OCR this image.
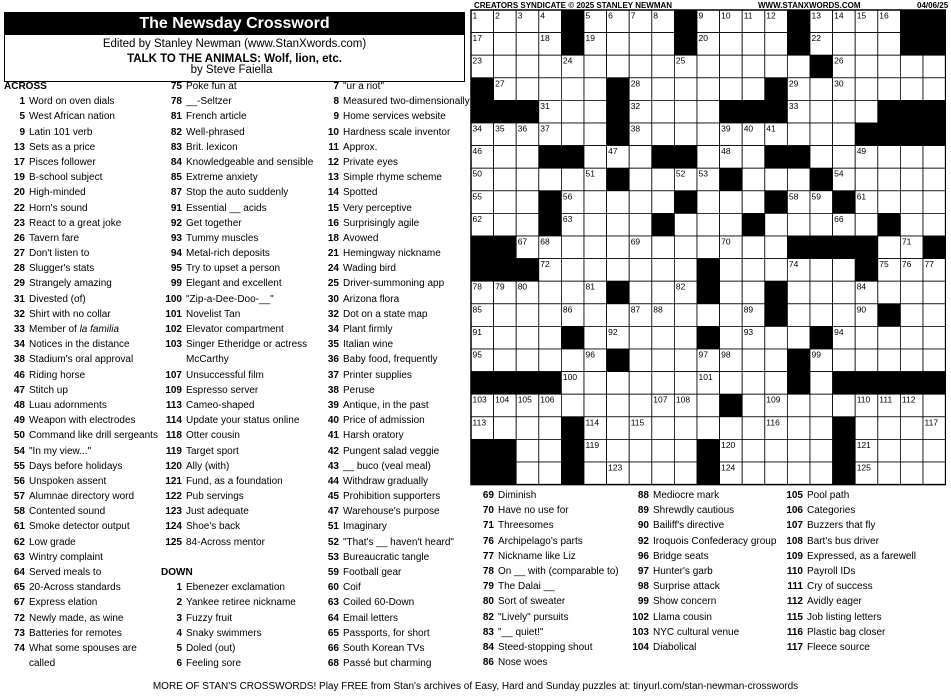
CREATORS SYNDICATE © 2025 STANLEY NEWMAN	WWW.STANXWORDS.COM	04/06/25
The Newsday Crossword
Edited by Stanley Newman (www.StanXwords.com)
TALK TO THE ANIMALS: Wolf, lion, etc.
by Steve Faiella
ACROSS
1 Word on oven dials
5 West African nation
9 Latin 101 verb
13 Sets as a price
17 Pisces follower
19 B-school subject
20 High-minded
22 Horn's sound
23 React to a great joke
26 Tavern fare
27 Don't listen to
28 Slugger's stats
29 Strangely amazing
31 Divested (of)
32 Shirt with no collar
33 Member of la familia
34 Notices in the distance
38 Stadium's oral approval
46 Riding horse
47 Stitch up
48 Luau adornments
49 Weapon with electrodes
50 Command like drill sergeants
54 "In my view..."
55 Days before holidays
56 Unspoken assent
57 Alumnae directory word
58 Contented sound
61 Smoke detector output
62 Low grade
63 Wintry complaint
64 Served meals to
65 20-Across standards
67 Express elation
72 Newly made, as wine
73 Batteries for remotes
74 What some spouses are
called
75 Poke fun at
78 __-Seltzer
81 French article
82 Well-phrased
83 Brit. lexicon
84 Knowledgeable and sensible
85 Extreme anxiety
87 Stop the auto suddenly
91 Essential __ acids
92 Get together
93 Tummy muscles
94 Metal-rich deposits
95 Try to upset a person
99 Elegant and excellent
100 "Zip-a-Dee-Doo-__"
101 Novelist Tan
102 Elevator compartment
103 Singer Etheridge or actress
McCarthy
107 Unsuccessful film
109 Espresso server
113 Cameo-shaped
114 Update your status online
118 Otter cousin
119 Target sport
120 Ally (with)
121 Fund, as a foundation
122 Pub servings
123 Just adequate
124 Shoe's back
125 84-Across mentor
DOWN
1 Ebenezer exclamation
2 Yankee retiree nickname
3 Fuzzy fruit
4 Snaky swimmers
5 Doled (out)
6 Feeling sore
7 "ur a riot"
8 Measured two-dimensionally
9 Home services website
10 Hardness scale inventor
11 Approx.
12 Private eyes
13 Simple rhyme scheme
14 Spotted
15 Very perceptive
16 Surprisingly agile
18 Avowed
21 Hemingway nickname
24 Wading bird
25 Driver-summoning app
30 Arizona flora
32 Dot on a state map
34 Plant firmly
35 Italian wine
36 Baby food, frequently
37 Printer supplies
38 Peruse
39 Antique, in the past
40 Price of admission
41 Harsh oratory
42 Pungent salad veggie
43 __ buco (veal meal)
44 Withdraw gradually
45 Prohibition supporters
47 Warehouse's purpose
51 Imaginary
52 "That's __ haven't heard"
53 Bureaucratic tangle
59 Football gear
60 Coif
63 Coiled 60-Down
64 Email letters
65 Passports, for short
66 South Korean TVs
68 Passé but charming
69 Diminish
70 Have no use for
71 Threesomes
76 Archipelago's parts
77 Nickname like Liz
78 On __ with (comparable to)
79 The Dalai __
80 Sort of sweater
82 "Lively" pursuits
83 "__ quiet!"
84 Steed-stopping shout
86 Nose woes
88 Mediocre mark
89 Shrewdly cautious
90 Bailiff's directive
92 Iroquois Confederacy group
96 Bridge seats
97 Hunter's garb
98 Surprise attack
99 Show concern
102 Llama cousin
103 NYC cultural venue
104 Diabolical
105 Pool path
106 Categories
107 Buzzers that fly
108 Bart's bus driver
109 Expressed, as a farewell
110 Payroll IDs
111 Cry of success
112 Avidly eager
115 Job listing letters
116 Plastic bag closer
117 Fleece source
1 2 3 4	5 6 7 8	9 10 11 12	13 14 15 16
17	18	19	20	21 22
23	24	25	26
27	28	29	30
31	32	33
34 35 36 37	38	39 40 41	42 43 44 45
46	47	48	49
50	51	52 53	54
55	56	57	58 59 60 61
62	63	64	65	66
67 68	69	70	71
72	73	74	75 76 77
78 79 80	81	82	83	84
85	86	87 88	89	90
91	92	93	94
95	96	97 98	99
100	101	102
103 104 105 106	107 108	109	110 111 112
113	114	115	116	117
118	119	120	121
122	123	124	125
MORE OF STAN'S CROSSWORDS! Play FREE from Stan's archives of Easy, Hard and Sunday puzzles at: tinyurl.com/stan-newman-crosswords
